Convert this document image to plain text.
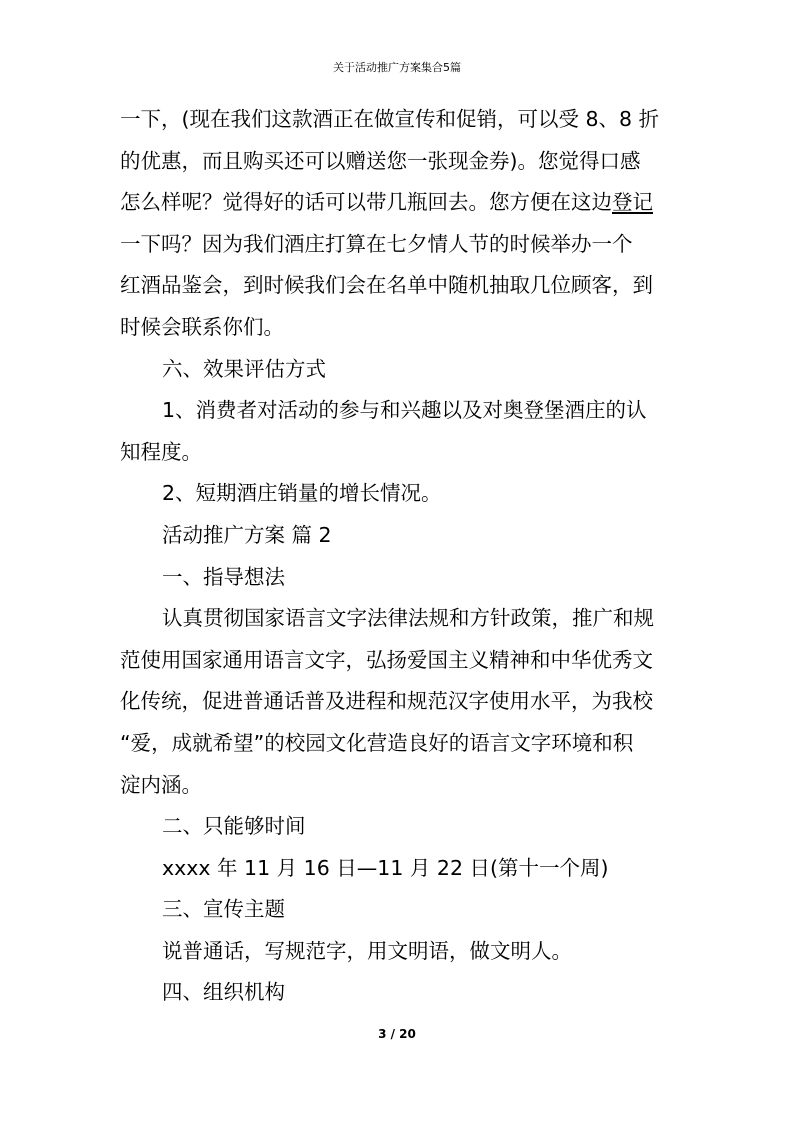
关于活动推广方案集合5篇
一下，(现在我们这款酒正在做宣传和促销，可以受 8、8 折
的优惠，而且购买还可以赠送您一张现金券)。您觉得口感
怎么样呢？觉得好的话可以带几瓶回去。您方便在这边登记
一下吗？因为我们酒庄打算在七夕情人节的时候举办一个
红酒品鉴会，到时候我们会在名单中随机抽取几位顾客，到
时候会联系你们。
六、效果评估方式
1、消费者对活动的参与和兴趣以及对奥登堡酒庄的认
知程度。
2、短期酒庄销量的增长情况。
活动推广方案 篇 2
一、指导想法
认真贯彻国家语言文字法律法规和方针政策，推广和规
范使用国家通用语言文字，弘扬爱国主义精神和中华优秀文
化传统，促进普通话普及进程和规范汉字使用水平，为我校
“爱，成就希望”的校园文化营造良好的语言文字环境和积
淀内涵。
二、只能够时间
xxxx 年 11 月 16 日—11 月 22 日(第十一个周)
三、宣传主题
说普通话，写规范字，用文明语，做文明人。
四、组织机构
3 / 20
